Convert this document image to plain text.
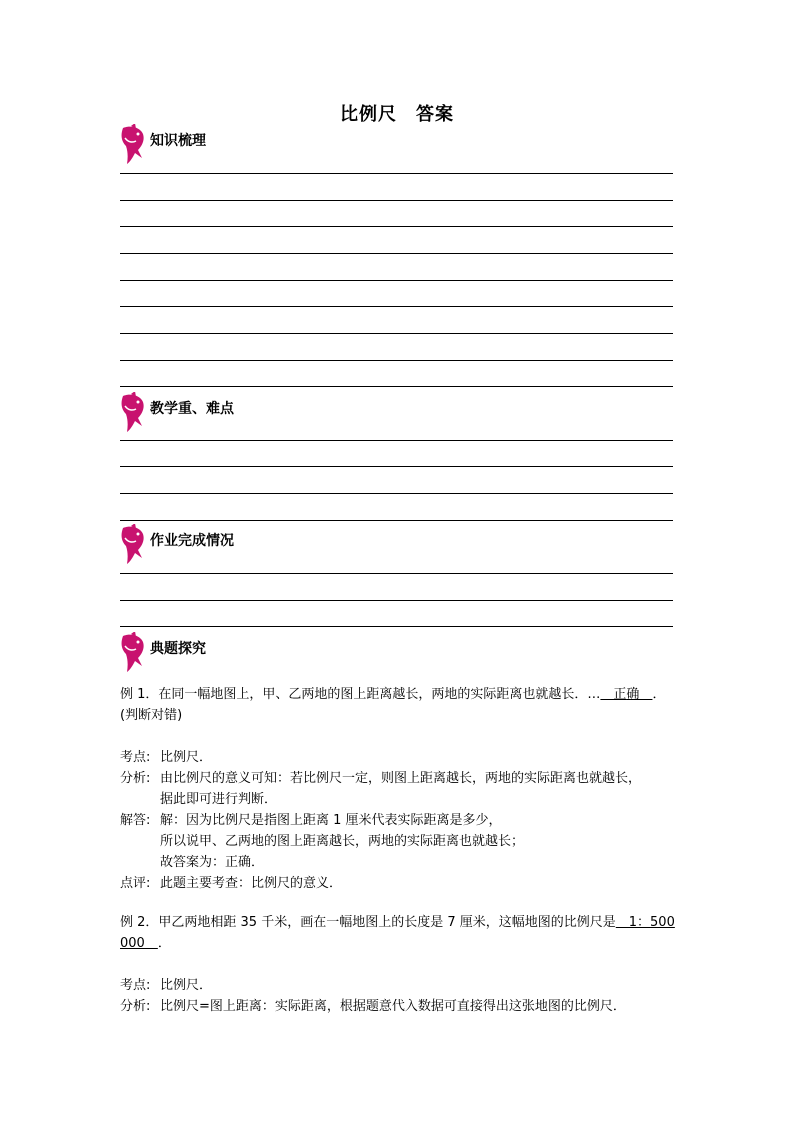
比例尺　答案
知识梳理
教学重、难点
作业完成情况
典题探究
例 1．在同一幅地图上，甲、乙两地的图上距离越长，两地的实际距离也就越长．…　正确　．(判断对错)
考点: 比例尺．
分析: 由比例尺的意义可知：若比例尺一定，则图上距离越长，两地的实际距离也就越长，
据此即可进行判断．
解答: 解：因为比例尺是指图上距离 1 厘米代表实际距离是多少，
所以说甲、乙两地的图上距离越长，两地的实际距离也就越长；
故答案为：正确．
点评: 此题主要考查：比例尺的意义．
例 2．甲乙两地相距 35 千米，画在一幅地图上的长度是 7 厘米，这幅地图的比例尺是　1：500 000　．
考点: 比例尺．
分析: 比例尺=图上距离：实际距离，根据题意代入数据可直接得出这张地图的比例尺．
